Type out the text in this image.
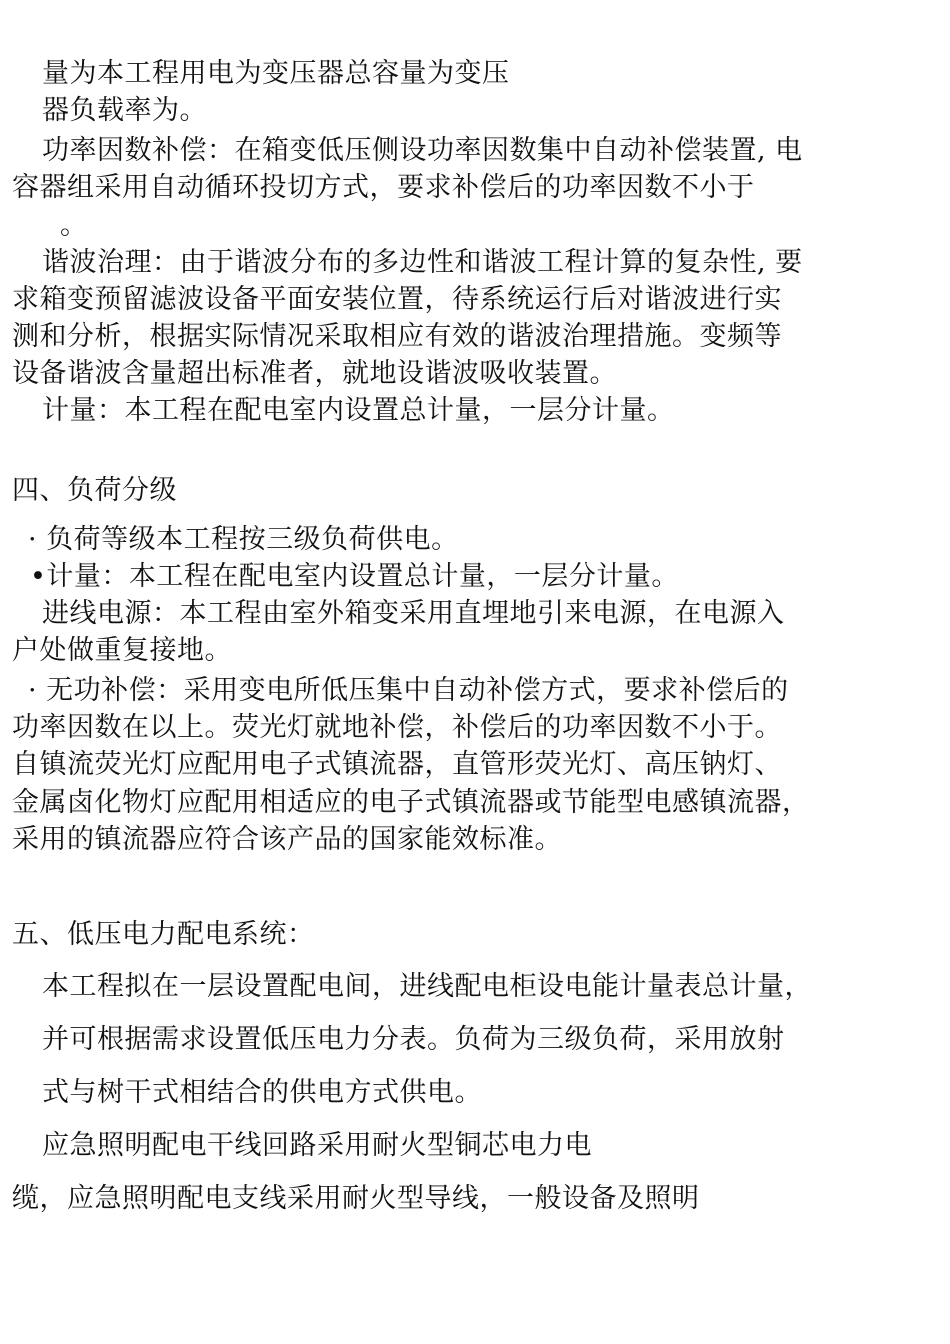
量为本工程用电为变压器总容量为变压
器负载率为。
功率因数补偿：在箱变低压侧设功率因数集中自动补偿装置, 电
容器组采用自动循环投切方式，要求补偿后的功率因数不小于
。
谐波治理：由于谐波分布的多边性和谐波工程计算的复杂性, 要
求箱变预留滤波设备平面安装位置，待系统运行后对谐波进行实
测和分析，根据实际情况采取相应有效的谐波治理措施。变频等
设备谐波含量超出标准者，就地设谐波吸收装置。
计量：本工程在配电室内设置总计量，一层分计量。
四、负荷分级
· 负荷等级本工程按三级负荷供电。
•计量：本工程在配电室内设置总计量，一层分计量。
进线电源：本工程由室外箱变采用直埋地引来电源，在电源入
户处做重复接地。
· 无功补偿：采用变电所低压集中自动补偿方式，要求补偿后的
功率因数在以上。荧光灯就地补偿，补偿后的功率因数不小于。
自镇流荧光灯应配用电子式镇流器，直管形荧光灯、高压钠灯、
金属卤化物灯应配用相适应的电子式镇流器或节能型电感镇流器，
采用的镇流器应符合该产品的国家能效标准。
五、低压电力配电系统：
本工程拟在一层设置配电间，进线配电柜设电能计量表总计量，
并可根据需求设置低压电力分表。负荷为三级负荷，采用放射
式与树干式相结合的供电方式供电。
应急照明配电干线回路采用耐火型铜芯电力电
缆，应急照明配电支线采用耐火型导线，一般设备及照明
